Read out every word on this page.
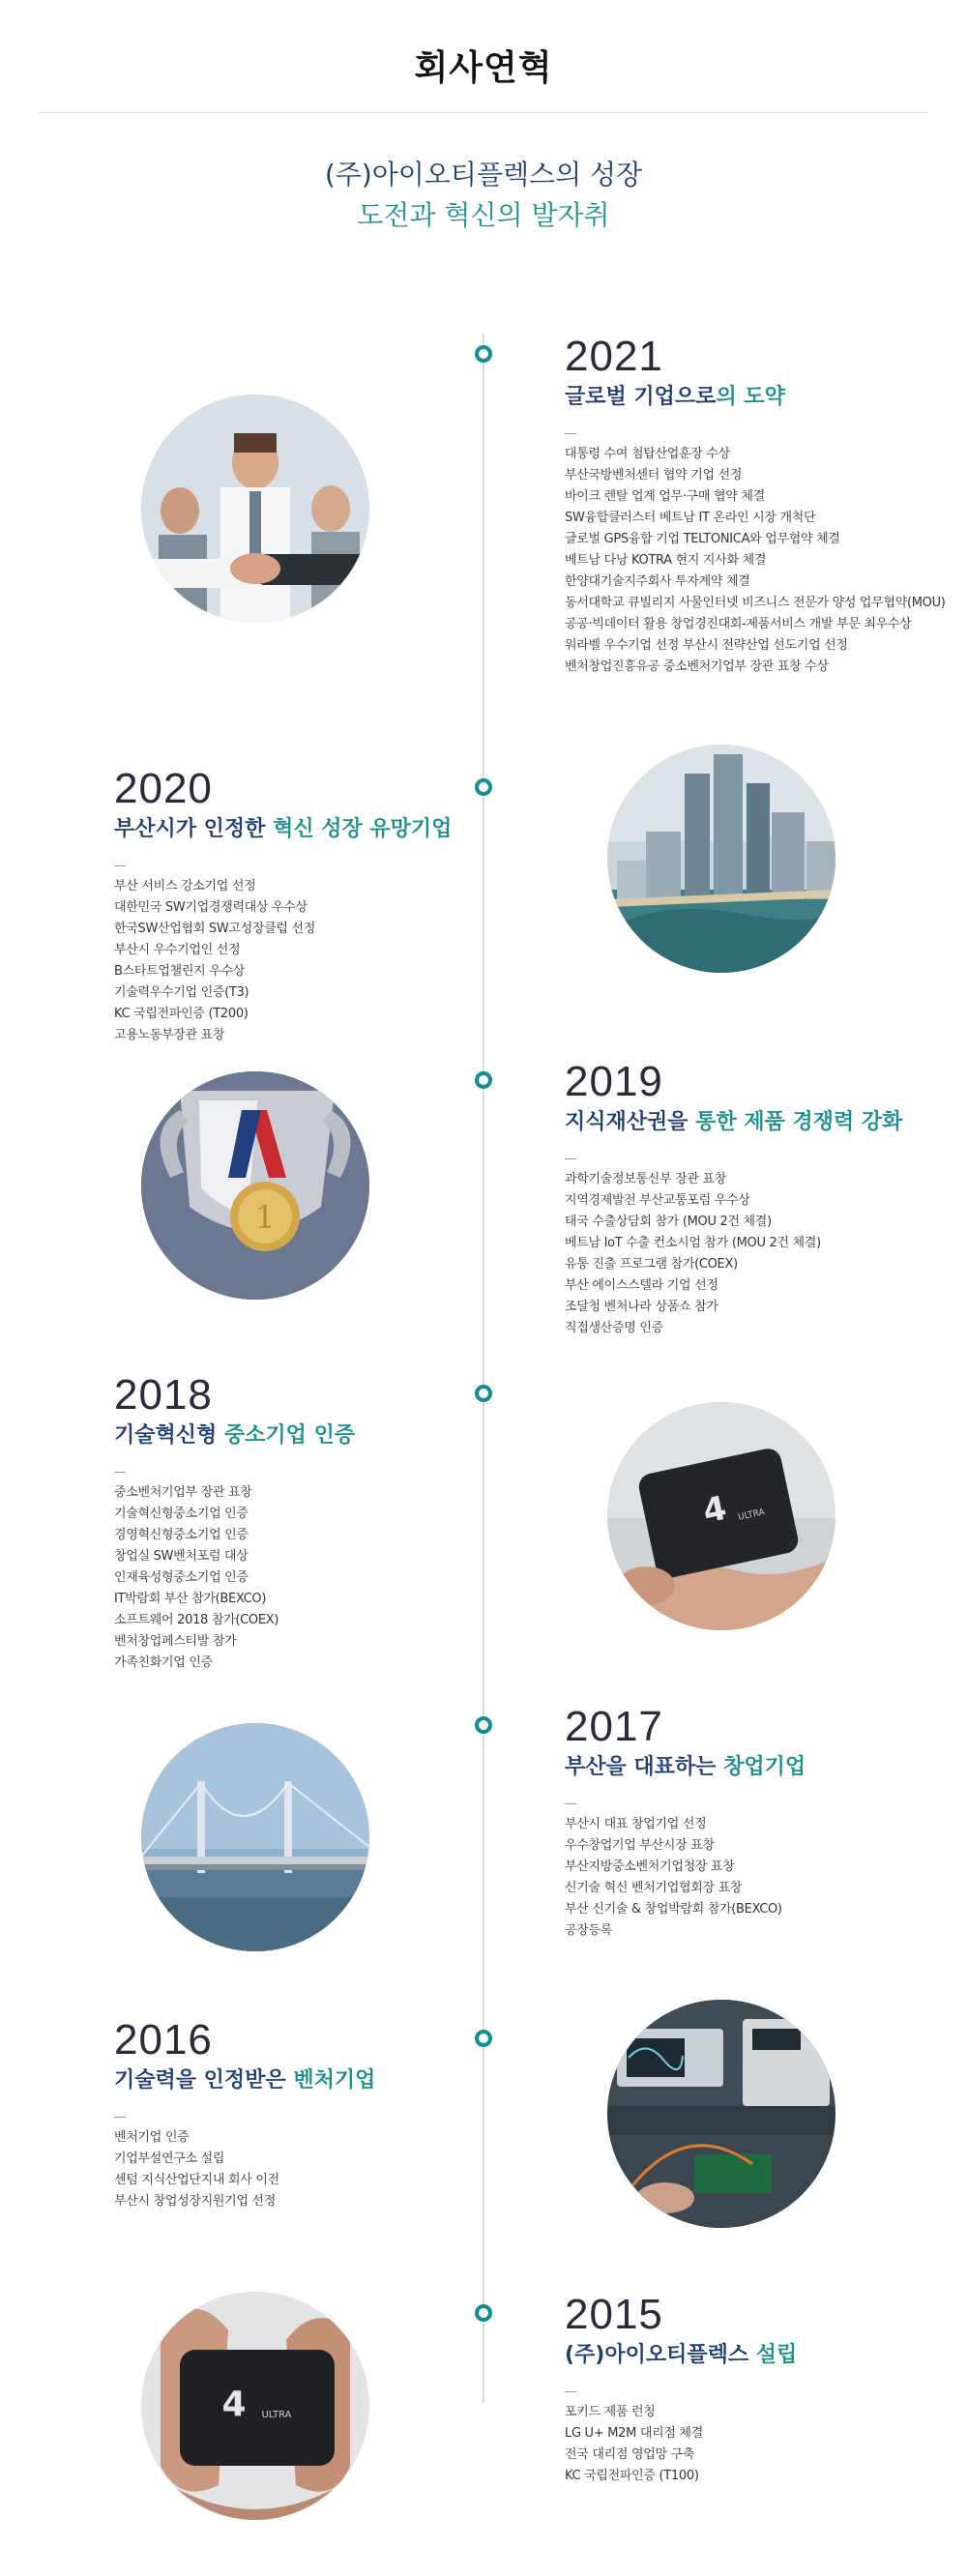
회사연혁
(주)아이오티플렉스의 성장
도전과 혁신의 발자취
2021
글로벌 기업으로의 도약
대통령 수여 첨탑산업훈장 수상
부산국방벤처센터 협약 기업 선정
바이크 렌탈 업계 업무·구매 협약 체결
SW융합클러스터 베트남 IT 온라인 시장 개척단
글로벌 GPS융합 기업 TELTONICA와 업무협약 체결
베트남 다낭 KOTRA 현지 지사화 체결
한양대기술지주회사 투자계약 체결
동서대학교 큐빌리지 사물인터넷 비즈니스 전문가 양성 업무협약(MOU)
공공·빅데이터 활용 창업경진대회-제품서비스 개발 부문 최우수상
워라벨 우수기업 선정 부산시 전략산업 선도기업 선정
벤처창업진흥유공 중소벤처기업부 장관 표창 수상
2020
부산시가 인정한 혁신 성장 유망기업
부산 서비스 강소기업 선정
대한민국 SW기업경쟁력대상 우수상
한국SW산업협회 SW고성장클럽 선정
부산시 우수기업인 선정
B스타트업챌린지 우수상
기술력우수기업 인증(T3)
KC 국립전파인증 (T200)
고용노동부장관 표창
2019
지식재산권을 통한 제품 경쟁력 강화
과학기술정보통신부 장관 표창
지역경제발전 부산교통포럼 우수상
태국 수출상담회 참가 (MOU 2건 체결)
베트남 IoT 수출 컨소시엄 참가 (MOU 2건 체결)
유통 진출 프로그램 참가(COEX)
부산 에이스스텔라 기업 선정
조달청 벤처나라 상품쇼 참가
직접생산증명 인증
1
2018
기술혁신형 중소기업 인증
중소벤처기업부 장관 표창
기술혁신형중소기업 인증
경영혁신형중소기업 인증
창업실 SW벤처포럼 대상
인재육성형중소기업 인증
IT박람회 부산 참가(BEXCO)
소프트웨어 2018 참가(COEX)
벤처창업페스티발 참가
가족친화기업 인증
4 ULTRA
2017
부산을 대표하는 창업기업
부산시 대표 창업기업 선정
우수창업기업 부산시장 표창
부산지방중소벤처기업청장 표창
신기술 혁신 벤처기업협회장 표창
부산 신기술 & 창업박람회 참가(BEXCO)
공장등록
2016
기술력을 인정받은 벤처기업
벤처기업 인증
기업부설연구소 설립
센텀 지식산업단지내 회사 이전
부산시 창업성장지원기업 선정
2015
(주)아이오티플렉스 설립
포키드 제품 런칭
LG U+ M2M 대리점 체결
전국 대리점 영업망 구축
KC 국립전파인증 (T100)
4 ULTRA
